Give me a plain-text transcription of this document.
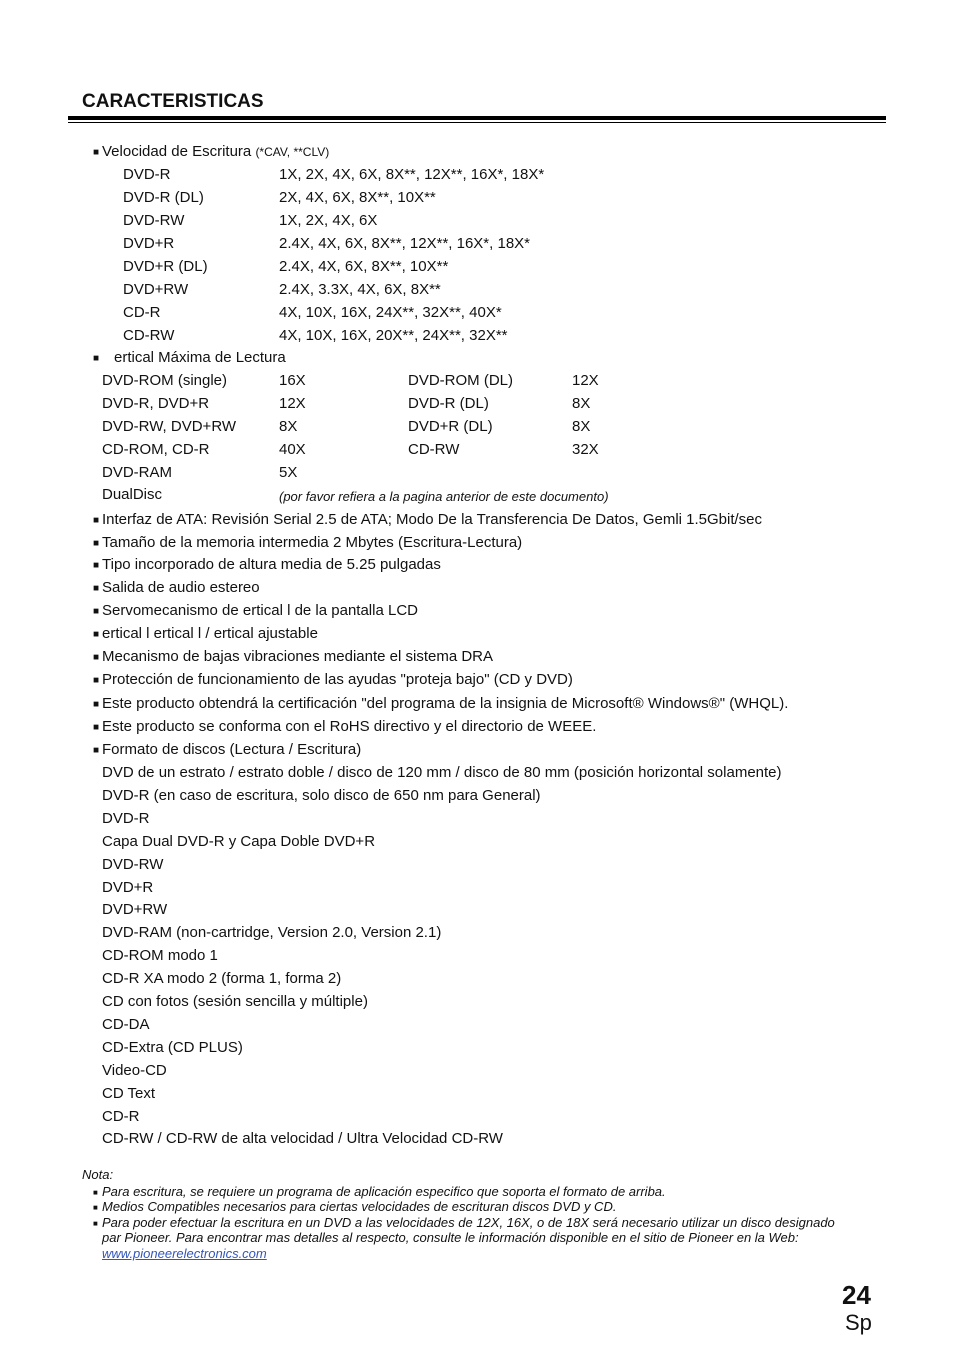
CARACTERISTICAS
■ Velocidad de Escritura (*CAV, **CLV)
DVD-R	1X, 2X, 4X, 6X, 8X**, 12X**, 16X*, 18X*
DVD-R (DL)	2X, 4X, 6X, 8X**, 10X**
DVD-RW	1X, 2X, 4X, 6X
DVD+R	2.4X, 4X, 6X, 8X**, 12X**, 16X*, 18X*
DVD+R (DL)	2.4X, 4X, 6X, 8X**, 10X**
DVD+RW	2.4X, 3.3X, 4X, 6X, 8X**
CD-R	4X, 10X, 16X, 24X**, 32X**, 40X*
CD-RW	4X, 10X, 16X, 20X**, 24X**, 32X**
■ ertical Máxima de Lectura
DVD-ROM (single)	16X	DVD-ROM (DL)	12X
DVD-R, DVD+R	12X	DVD-R (DL)	8X
DVD-RW, DVD+RW	8X	DVD+R (DL)	8X
CD-ROM, CD-R	40X	CD-RW	32X
DVD-RAM	5X
DualDisc	(por favor refiera a la pagina anterior de este documento)
■ Interfaz de ATA: Revisión Serial 2.5 de ATA; Modo De la Transferencia De Datos, Gemli 1.5Gbit/sec
■ Tamaño de la memoria intermedia 2 Mbytes (Escritura-Lectura)
■ Tipo incorporado de altura media de 5.25 pulgadas
■ Salida de audio estereo
■ Servomecanismo de ertical l de la pantalla LCD
■ ertical l ertical l / ertical ajustable
■ Mecanismo de bajas vibraciones mediante el sistema DRA
■ Protección de funcionamiento de las ayudas "proteja bajo" (CD y DVD)
■ Este producto obtendrá la certificación "del programa de la insignia de Microsoft® Windows®" (WHQL).
■ Este producto se conforma con el RoHS directivo y el directorio de WEEE.
■ Formato de discos (Lectura / Escritura)
DVD de un estrato / estrato doble / disco de 120 mm / disco de 80 mm (posición horizontal solamente)
DVD-R (en caso de escritura, solo disco de 650 nm para General)
DVD-R
Capa Dual DVD-R y Capa Doble DVD+R
DVD-RW
DVD+R
DVD+RW
DVD-RAM (non-cartridge, Version 2.0, Version 2.1)
CD-ROM modo 1
CD-R XA modo 2 (forma 1, forma 2)
CD con fotos (sesión sencilla y múltiple)
CD-DA
CD-Extra (CD PLUS)
Video-CD
CD Text
CD-R
CD-RW / CD-RW de alta velocidad / Ultra Velocidad CD-RW
Nota:
■ Para escritura, se requiere un programa de aplicación especifico que soporta el formato de arriba.
■ Medios Compatibles necesarios para ciertas velocidades de escrituran discos DVD y CD.
■ Para poder efectuar la escritura en un DVD a las velocidades de 12X, 16X, o de 18X será necesario utilizar un disco designado
par Pioneer. Para encontrar mas detalles al respecto, consulte le información disponible en el sitio de Pioneer en la Web:
www.pioneerelectronics.com
24
Sp
